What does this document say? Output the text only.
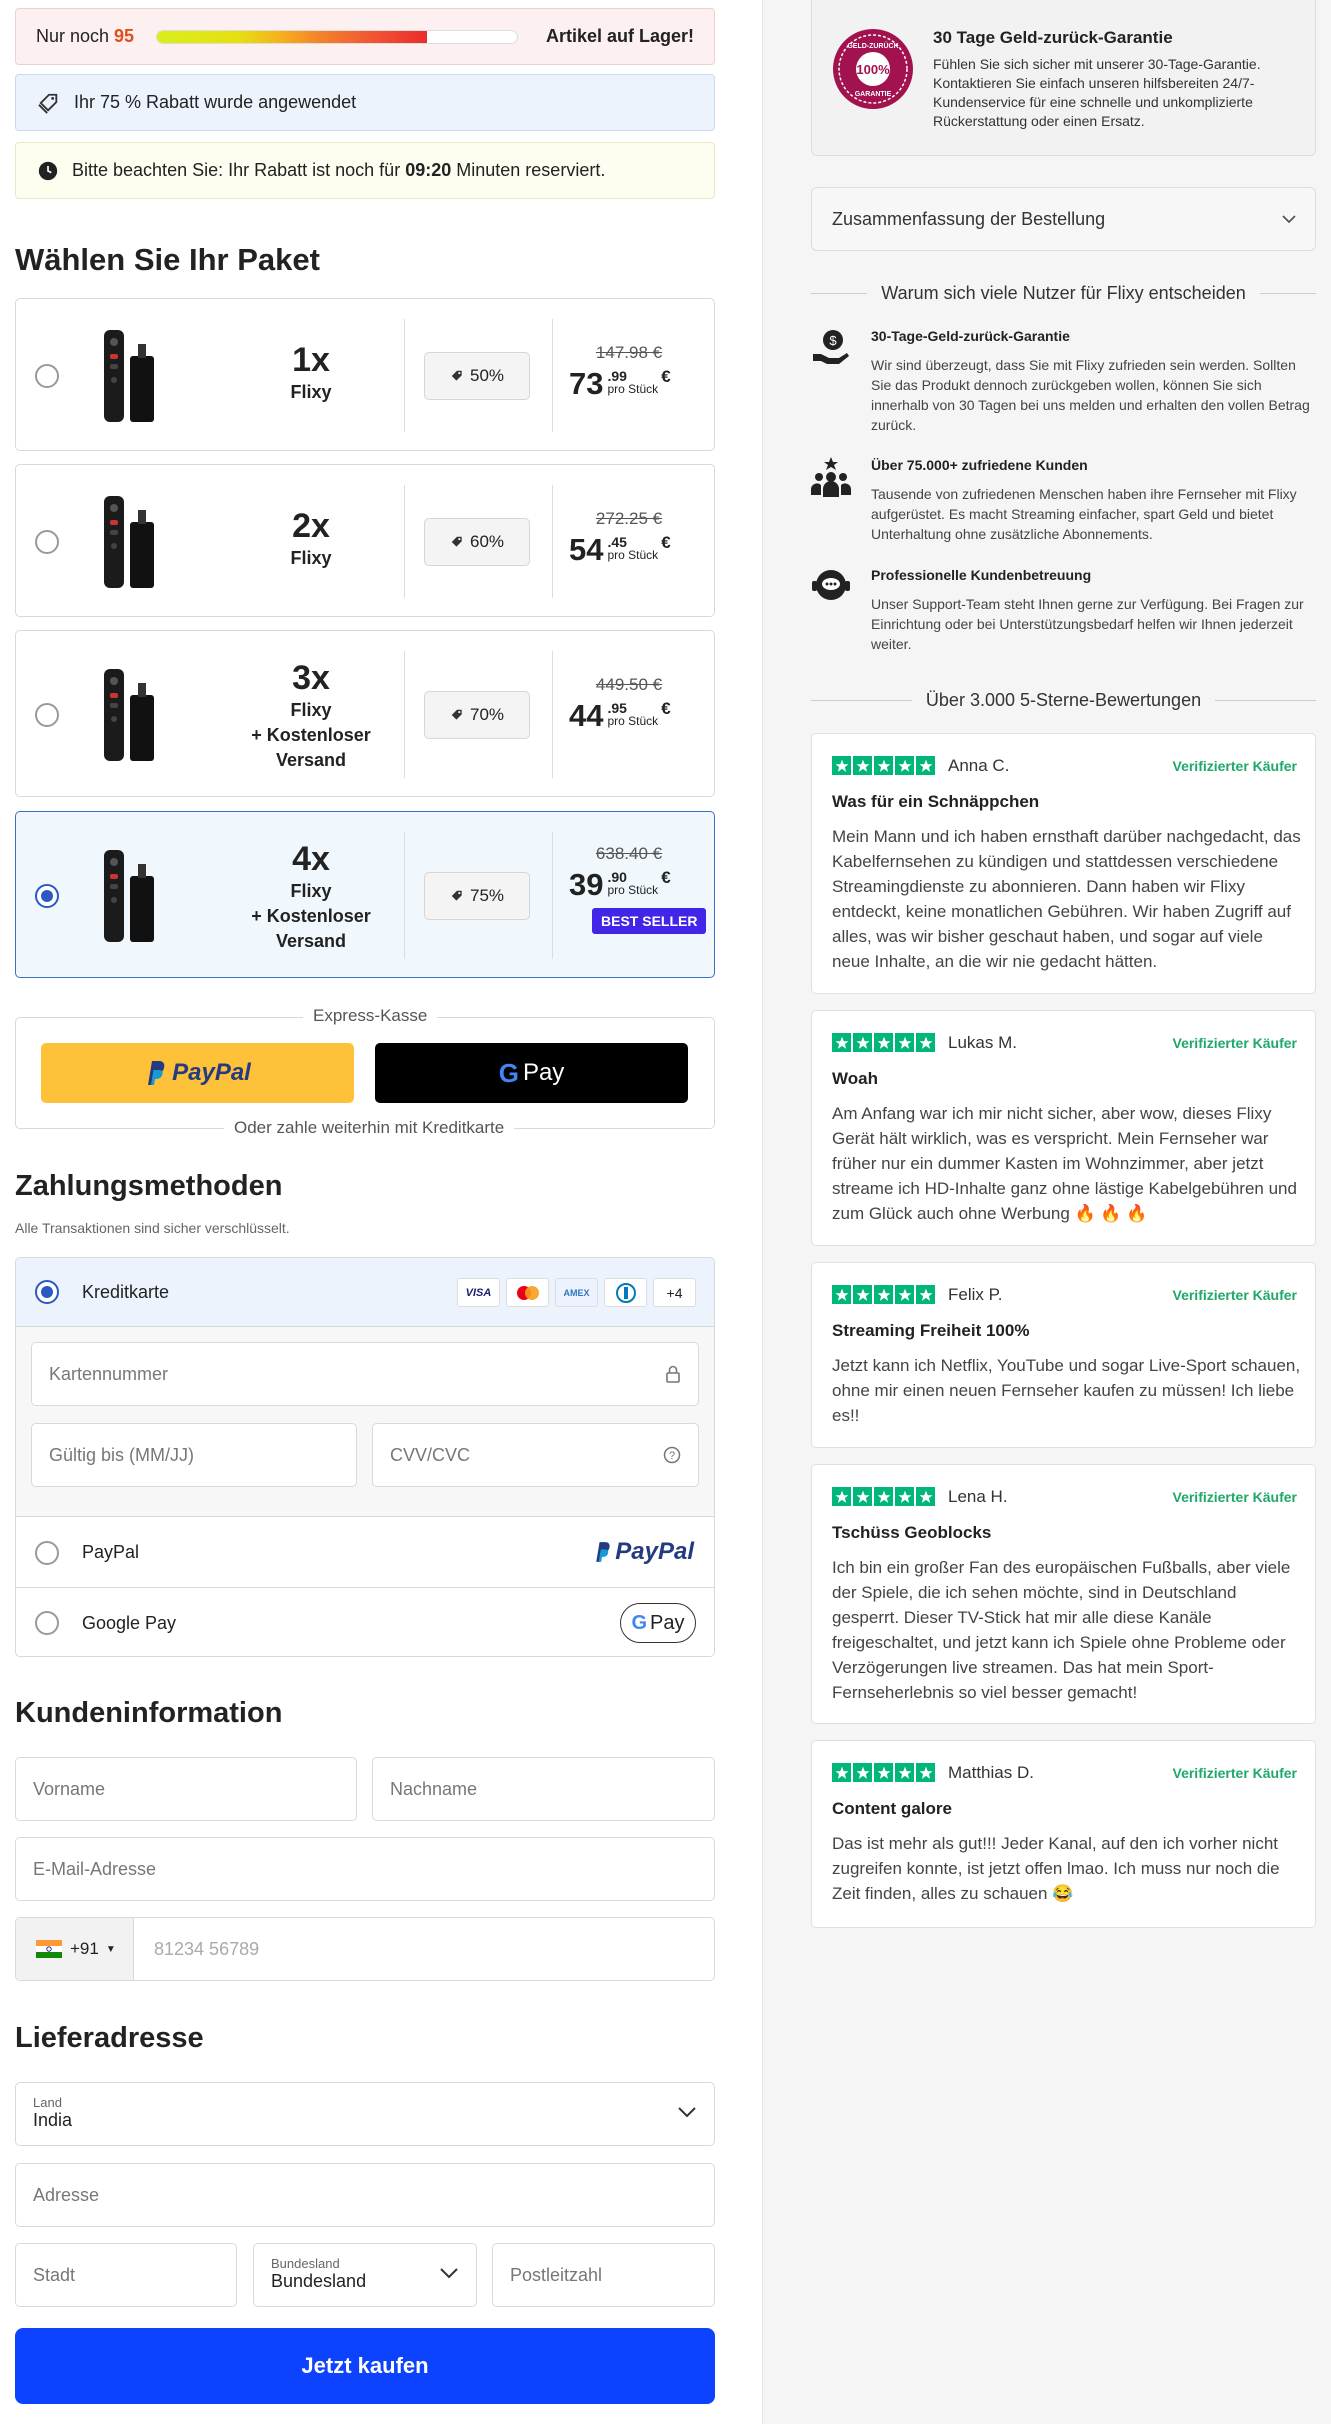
Nur noch 95	Artikel auf Lager!
Ihr 75 % Rabatt wurde angewendet
Bitte beachten Sie: Ihr Rabatt ist noch für 09:20 Minuten reserviert.
Wählen Sie Ihr Paket
1x
Flixy
50%
147.98 €
73 .99
pro Stück
€
2x
Flixy
60%
272.25 €
54 .45
pro Stück
€
3x
Flixy
+ Kostenloser
Versand
70%
449.50 €
44 .95
pro Stück
€
4x
Flixy
+ Kostenloser
Versand
75%
638.40 €
39 .90
pro Stück
€
BEST SELLER
Express-Kasse
PayPal	G Pay
Oder zahle weiterhin mit Kreditkarte
Zahlungsmethoden
Alle Transaktionen sind sicher verschlüsselt.
Kreditkarte	VISA	AMEX	+4
Kartennummer
Gültig bis (MM/JJ)	CVV/CVC	?
PayPal	PayPal
Google Pay	G Pay
Kundeninformation
Vorname	Nachname
E-Mail-Adresse
+91 ▼ 81234 56789
Lieferadresse
Land
India
Adresse
Stadt
Bundesland
Bundesland	Postleitzahl
Jetzt kaufen
100%
GELD-ZURÜCK
GARANTIE
30 Tage Geld-zurück-Garantie
Fühlen Sie sich sicher mit unserer 30-Tage-Garantie. Kontaktieren Sie einfach unseren hilfsbereiten 24/7-Kundenservice für eine schnelle und unkomplizierte Rückerstattung oder einen Ersatz.
Zusammenfassung der Bestellung
Warum sich viele Nutzer für Flixy entscheiden
$ 30-Tage-Geld-zurück-Garantie
Wir sind überzeugt, dass Sie mit Flixy zufrieden sein werden. Sollten Sie das Produkt dennoch zurückgeben wollen, können Sie sich innerhalb von 30 Tagen bei uns melden und erhalten den vollen Betrag zurück.
Über 75.000+ zufriedene Kunden
Tausende von zufriedenen Menschen haben ihre Fernseher mit Flixy aufgerüstet. Es macht Streaming einfacher, spart Geld und bietet Unterhaltung ohne zusätzliche Abonnements.
Professionelle Kundenbetreuung
Unser Support-Team steht Ihnen gerne zur Verfügung. Bei Fragen zur Einrichtung oder bei Unterstützungsbedarf helfen wir Ihnen jederzeit weiter.
Über 3.000 5-Sterne-Bewertungen
Anna C.	Verifizierter Käufer
Was für ein Schnäppchen
Mein Mann und ich haben ernsthaft darüber nachgedacht, das Kabelfernsehen zu kündigen und stattdessen verschiedene Streamingdienste zu abonnieren. Dann haben wir Flixy entdeckt, keine monatlichen Gebühren. Wir haben Zugriff auf alles, was wir bisher geschaut haben, und sogar auf viele neue Inhalte, an die wir nie gedacht hätten.
Lukas M.	Verifizierter Käufer
Woah
Am Anfang war ich mir nicht sicher, aber wow, dieses Flixy Gerät hält wirklich, was es verspricht. Mein Fernseher war früher nur ein dummer Kasten im Wohnzimmer, aber jetzt streame ich HD-Inhalte ganz ohne lästige Kabelgebühren und zum Glück auch ohne Werbung 🔥 🔥 🔥
Felix P.	Verifizierter Käufer
Streaming Freiheit 100%
Jetzt kann ich Netflix, YouTube und sogar Live-Sport schauen, ohne mir einen neuen Fernseher kaufen zu müssen! Ich liebe es!!
Lena H.	Verifizierter Käufer
Tschüss Geoblocks
Ich bin ein großer Fan des europäischen Fußballs, aber viele der Spiele, die ich sehen möchte, sind in Deutschland gesperrt. Dieser TV-Stick hat mir alle diese Kanäle freigeschaltet, und jetzt kann ich Spiele ohne Probleme oder Verzögerungen live streamen. Das hat mein Sport-Fernseherlebnis so viel besser gemacht!
Matthias D.	Verifizierter Käufer
Content galore
Das ist mehr als gut!!! Jeder Kanal, auf den ich vorher nicht zugreifen konnte, ist jetzt offen lmao. Ich muss nur noch die Zeit finden, alles zu schauen 😂
